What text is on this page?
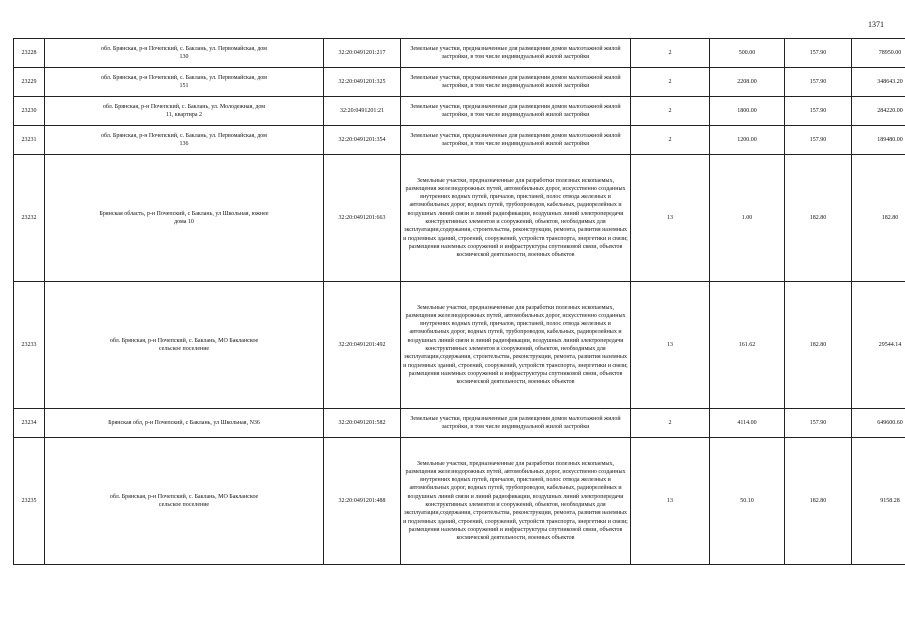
1371
23228	обл. Брянская, р-н Почепский, с. Баклань, ул. Первомайская, дом 130	32:20:0491201:217	Земельные участки, предназначенные для размещения домов малоэтажной жилой застройки, в том числе индивидуальной жилой застройки	2	500.00	157.90	78950.00
23229	обл. Брянская, р-н Почепский, с. Баклань, ул. Первомайская, дом 151	32:20:0491201:325	Земельные участки, предназначенные для размещения домов малоэтажной жилой застройки, в том числе индивидуальной жилой застройки	2	2208.00	157.90	348643.20
23230	обл. Брянская, р-н Почепский, с. Баклань, ул. Молодежная, дом 11, квартира 2	32:20:0491201:21	Земельные участки, предназначенные для размещения домов малоэтажной жилой застройки, в том числе индивидуальной жилой застройки	2	1800.00	157.90	284220.00
23231	обл. Брянская, р-н Почепский, с. Баклань, ул. Первомайская, дом 136	32:20:0491201:354	Земельные участки, предназначенные для размещения домов малоэтажной жилой застройки, в том числе индивидуальной жилой застройки	2	1200.00	157.90	189480.00
23232	Брянская область, р-н Почепский, с Баклань, ул Школьная, южнее дома 10	32:20:0491201:663	Земельные участки, предназначенные для разработки полезных ископаемых, размещения железнодорожных путей, автомобильных дорог, искусственно созданных внутренних водных путей, причалов, пристаней, полос отвода железных и автомобильных дорог, водных путей, трубопроводов, кабельных, радиорелейных и воздушных линий связи и линий радиофикации, воздушных линий электропередачи конструктивных элементов и сооружений, объектов, необходимых для эксплуатации,содержания, строительства, реконструкции, ремонта, развития наземных и подземных зданий, строений, сооружений, устройств транспорта, энергетики и связи; размещения наземных сооружений и инфраструктуры спутниковой связи, объектов космической деятельности, военных объектов	13	1.00	182.80	182.80
23233	обл. Брянская, р-н Почепский, с. Баклань, МО Бакланское сельское поселение	32:20:0491201:492	Земельные участки, предназначенные для разработки полезных ископаемых, размещения железнодорожных путей, автомобильных дорог, искусственно созданных внутренних водных путей, причалов, пристаней, полос отвода железных и автомобильных дорог, водных путей, трубопроводов, кабельных, радиорелейных и воздушных линий связи и линий радиофикации, воздушных линий электропередачи конструктивных элементов и сооружений, объектов, необходимых для эксплуатации,содержания, строительства, реконструкции, ремонта, развития наземных и подземных зданий, строений, сооружений, устройств транспорта, энергетики и связи; размещения наземных сооружений и инфраструктуры спутниковой связи, объектов космической деятельности, военных объектов	13	161.62	182.80	29544.14
23234	Брянская обл, р-н Почепский, с Баклань, ул Школьная, N36	32:20:0491201:582	Земельные участки, предназначенные для размещения домов малоэтажной жилой застройки, в том числе индивидуальной жилой застройки	2	4114.00	157.90	649600.60
23235	обл. Брянская, р-н Почепский, с. Баклань, МО Бакланское сельское поселение	32:20:0491201:488	Земельные участки, предназначенные для разработки полезных ископаемых, размещения железнодорожных путей, автомобильных дорог, искусственно созданных внутренних водных путей, причалов, пристаней, полос отвода железных и автомобильных дорог, водных путей, трубопроводов, кабельных, радиорелейных и воздушных линий связи и линий радиофикации, воздушных линий электропередачи конструктивных элементов и сооружений, объектов, необходимых для эксплуатации,содержания, строительства, реконструкции, ремонта, развития наземных и подземных зданий, строений, сооружений, устройств транспорта, энергетики и связи; размещения наземных сооружений и инфраструктуры спутниковой связи, объектов космической деятельности, военных объектов	13	50.10	182.80	9158.28
